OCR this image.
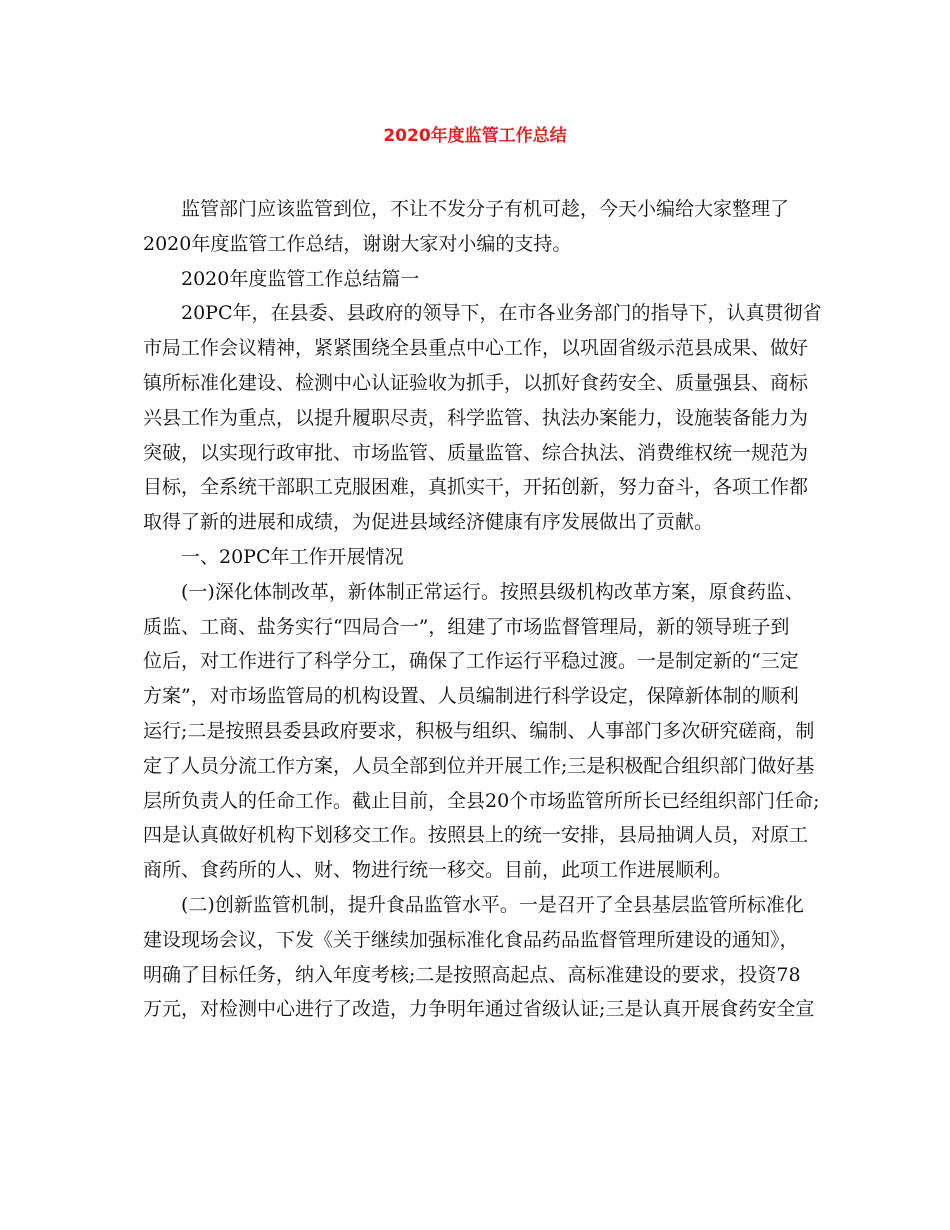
2020年度监管工作总结
监管部门应该监管到位，不让不发分子有机可趁，今天小编给大家整理了
2020年度监管工作总结，谢谢大家对小编的支持。
2020年度监管工作总结篇一
20PC年，在县委、县政府的领导下，在市各业务部门的指导下，认真贯彻省
市局工作会议精神，紧紧围绕全县重点中心工作，以巩固省级示范县成果、做好
镇所标准化建设、检测中心认证验收为抓手，以抓好食药安全、质量强县、商标
兴县工作为重点，以提升履职尽责，科学监管、执法办案能力，设施装备能力为
突破，以实现行政审批、市场监管、质量监管、综合执法、消费维权统一规范为
目标，全系统干部职工克服困难，真抓实干，开拓创新，努力奋斗，各项工作都
取得了新的进展和成绩，为促进县域经济健康有序发展做出了贡献。
一、20PC年工作开展情况
(一)深化体制改革，新体制正常运行。按照县级机构改革方案，原食药监、
质监、工商、盐务实行“四局合一”，组建了市场监督管理局，新的领导班子到
位后，对工作进行了科学分工，确保了工作运行平稳过渡。一是制定新的“三定
方案”，对市场监管局的机构设置、人员编制进行科学设定，保障新体制的顺利
运行;二是按照县委县政府要求，积极与组织、编制、人事部门多次研究磋商，制
定了人员分流工作方案，人员全部到位并开展工作;三是积极配合组织部门做好基
层所负责人的任命工作。截止目前，全县20个市场监管所所长已经组织部门任命;
四是认真做好机构下划移交工作。按照县上的统一安排，县局抽调人员，对原工
商所、食药所的人、财、物进行统一移交。目前，此项工作进展顺利。
(二)创新监管机制，提升食品监管水平。一是召开了全县基层监管所标准化
建设现场会议，下发《关于继续加强标准化食品药品监督管理所建设的通知》，
明确了目标任务，纳入年度考核;二是按照高起点、高标准建设的要求，投资78
万元，对检测中心进行了改造，力争明年通过省级认证;三是认真开展食药安全宣
